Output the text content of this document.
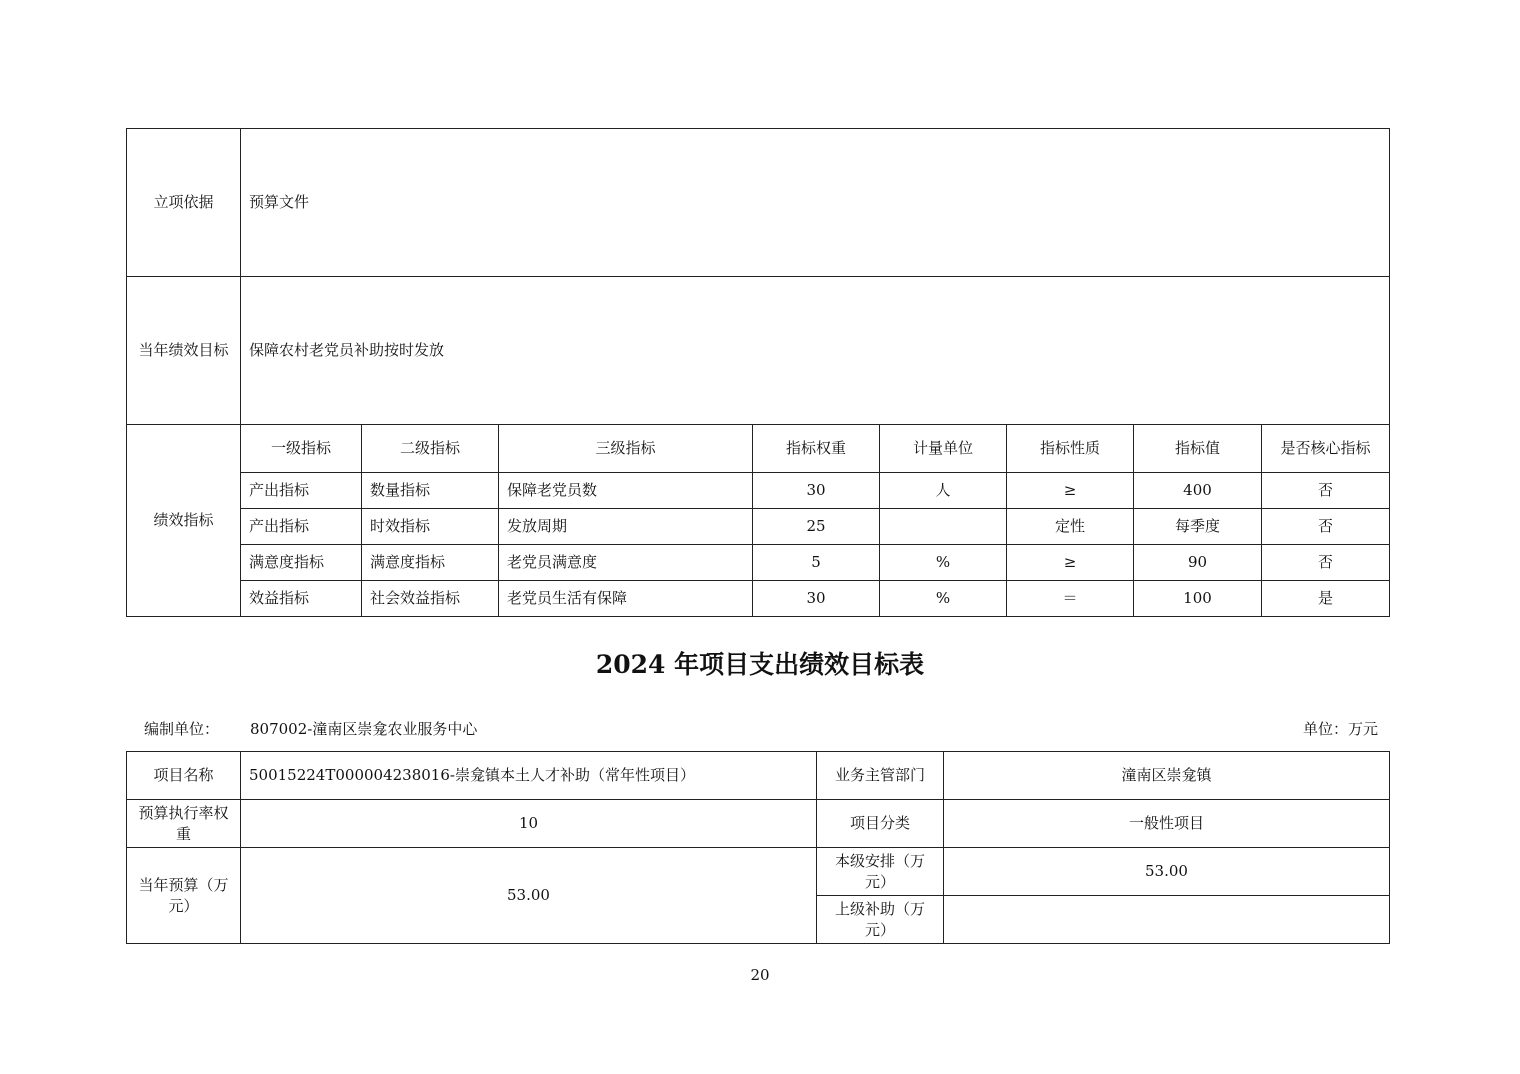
立项依据	预算文件							
当年绩效目标	保障农村老党员补助按时发放							
绩效指标	一级指标	二级指标	三级指标	指标权重	计量单位	指标性质	指标值	是否核心指标
	产出指标	数量指标	保障老党员数	30	人	≥	400	否
	产出指标	时效指标	发放周期	25		定性	每季度	否
	满意度指标	满意度指标	老党员满意度	5	%	≥	90	否
	效益指标	社会效益指标	老党员生活有保障	30	%	＝	100	是
2024 年项目支出绩效目标表
编制单位： 807002-潼南区崇龛农业服务中心	单位：万元
项目名称	50015224T000004238016-崇龛镇本土人才补助（常年性项目）	业务主管部门	潼南区崇龛镇
预算执行率权重	10	项目分类	一般性项目
当年预算（万元）	53.00	本级安排（万元）	53.00
		上级补助（万元）	
20
